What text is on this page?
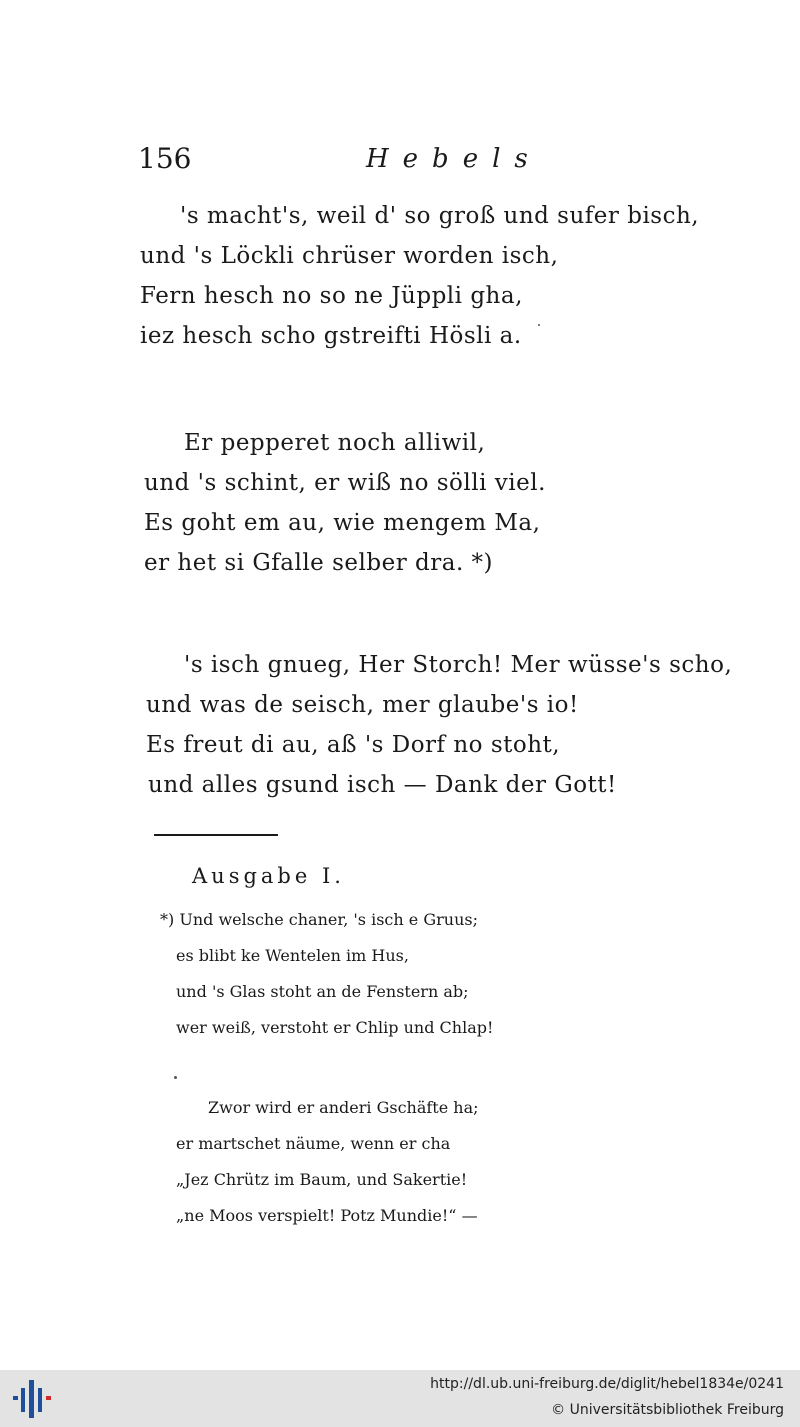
156	Hebels
's macht's, weil d' so groß und sufer bisch,
und 's Löckli chrüser worden isch,
Fern hesch no so ne Jüppli gha,
iez hesch scho gstreifti Hösli a.
Er pepperet noch alliwil,
und 's schint, er wiß no sölli viel.
Es goht em au, wie mengem Ma,
er het si Gfalle selber dra. *)
's isch gnueg, Her Storch! Mer wüsse's scho,
und was de seisch, mer glaube's io!
Es freut di au, aß 's Dorf no stoht,
und alles gsund isch — Dank der Gott!
Ausgabe I.
*) Und welsche chaner, 's isch e Gruus;
es blibt ke Wentelen im Hus,
und 's Glas stoht an de Fenstern ab;
wer weiß, verstoht er Chlip und Chlap!
Zwor wird er anderi Gschäfte ha;
er martschet näume, wenn er cha
„Jez Chrütz im Baum, und Sakertie!
„ne Moos verspielt! Potz Mundie!“ —
http://dl.ub.uni-freiburg.de/diglit/hebel1834e/0241
© Universitätsbibliothek Freiburg
